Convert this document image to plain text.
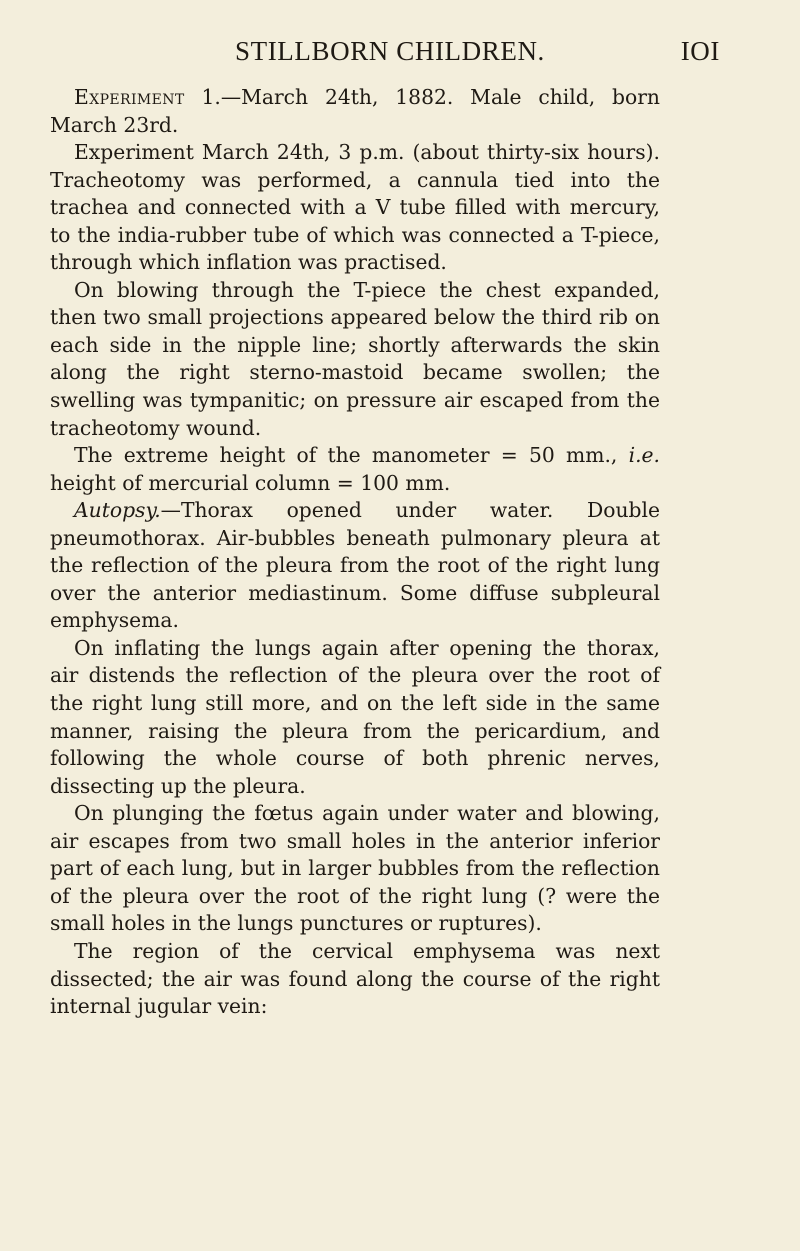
STILLBORN CHILDREN.	IOI

Experiment 1.—March 24th, 1882. Male child, born March 23rd.

Experiment March 24th, 3 p.m. (about thirty-six hours). Tracheotomy was performed, a cannula tied into the trachea and connected with a V tube filled with mercury, to the india-rubber tube of which was connected a T-piece, through which inflation was practised.

On blowing through the T-piece the chest expanded, then two small projections appeared below the third rib on each side in the nipple line; shortly afterwards the skin along the right sterno-mastoid became swollen; the swelling was tympanitic; on pressure air escaped from the tracheotomy wound.

The extreme height of the manometer = 50 mm., i.e. height of mercurial column = 100 mm.

Autopsy.—Thorax opened under water. Double pneumothorax. Air-bubbles beneath pulmonary pleura at the reflection of the pleura from the root of the right lung over the anterior mediastinum. Some diffuse subpleural emphysema.

On inflating the lungs again after opening the thorax, air distends the reflection of the pleura over the root of the right lung still more, and on the left side in the same manner, raising the pleura from the pericardium, and following the whole course of both phrenic nerves, dissecting up the pleura.

On plunging the fœtus again under water and blowing, air escapes from two small holes in the anterior inferior part of each lung, but in larger bubbles from the reflection of the pleura over the root of the right lung (? were the small holes in the lungs punctures or ruptures).

The region of the cervical emphysema was next dissected; the air was found along the course of the right internal jugular vein:
